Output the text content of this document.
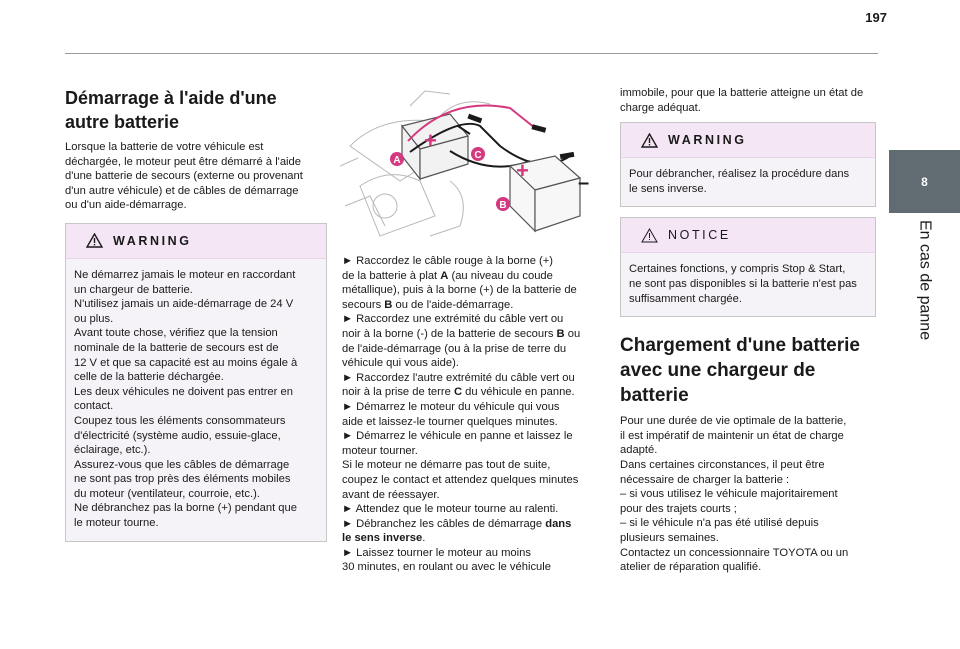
197
8
En cas de panne
Démarrage à l'aide d'une
autre batterie
Lorsque la batterie de votre véhicule est
déchargée, le moteur peut être démarré à l'aide
d'une batterie de secours (externe ou provenant
d'un autre véhicule) et de câbles de démarrage
ou d'un aide-démarrage.
WARNING
Ne démarrez jamais le moteur en raccordant
un chargeur de batterie.
N'utilisez jamais un aide-démarrage de 24 V
ou plus.
Avant toute chose, vérifiez que la tension
nominale de la batterie de secours est de
12 V et que sa capacité est au moins égale à
celle de la batterie déchargée.
Les deux véhicules ne doivent pas entrer en
contact.
Coupez tous les éléments consommateurs
d'électricité (système audio, essuie-glace,
éclairage, etc.).
Assurez-vous que les câbles de démarrage
ne sont pas trop près des éléments mobiles
du moteur (ventilateur, courroie, etc.).
Ne débranchez pas la borne (+) pendant que
le moteur tourne.
+
+ –
A
B
C
► Raccordez le câble rouge à la borne (+)
de la batterie à plat A (au niveau du coude
métallique), puis à la borne (+) de la batterie de
secours B ou de l'aide-démarrage.
► Raccordez une extrémité du câble vert ou
noir à la borne (-) de la batterie de secours B ou
de l'aide-démarrage (ou à la prise de terre du
véhicule qui vous aide).
► Raccordez l'autre extrémité du câble vert ou
noir à la prise de terre C du véhicule en panne.
► Démarrez le moteur du véhicule qui vous
aide et laissez-le tourner quelques minutes.
► Démarrez le véhicule en panne et laissez le
moteur tourner.
Si le moteur ne démarre pas tout de suite,
coupez le contact et attendez quelques minutes
avant de réessayer.
► Attendez que le moteur tourne au ralenti.
► Débranchez les câbles de démarrage dans
le sens inverse.
► Laissez tourner le moteur au moins
30 minutes, en roulant ou avec le véhicule
immobile, pour que la batterie atteigne un état de
charge adéquat.
WARNING
Pour débrancher, réalisez la procédure dans
le sens inverse.
NOTICE
Certaines fonctions, y compris Stop & Start,
ne sont pas disponibles si la batterie n'est pas
suffisamment chargée.
Chargement d'une batterie
avec une chargeur de
batterie
Pour une durée de vie optimale de la batterie,
il est impératif de maintenir un état de charge
adapté.
Dans certaines circonstances, il peut être
nécessaire de charger la batterie :
– si vous utilisez le véhicule majoritairement
pour des trajets courts ;
– si le véhicule n'a pas été utilisé depuis
plusieurs semaines.
Contactez un concessionnaire TOYOTA ou un
atelier de réparation qualifié.
